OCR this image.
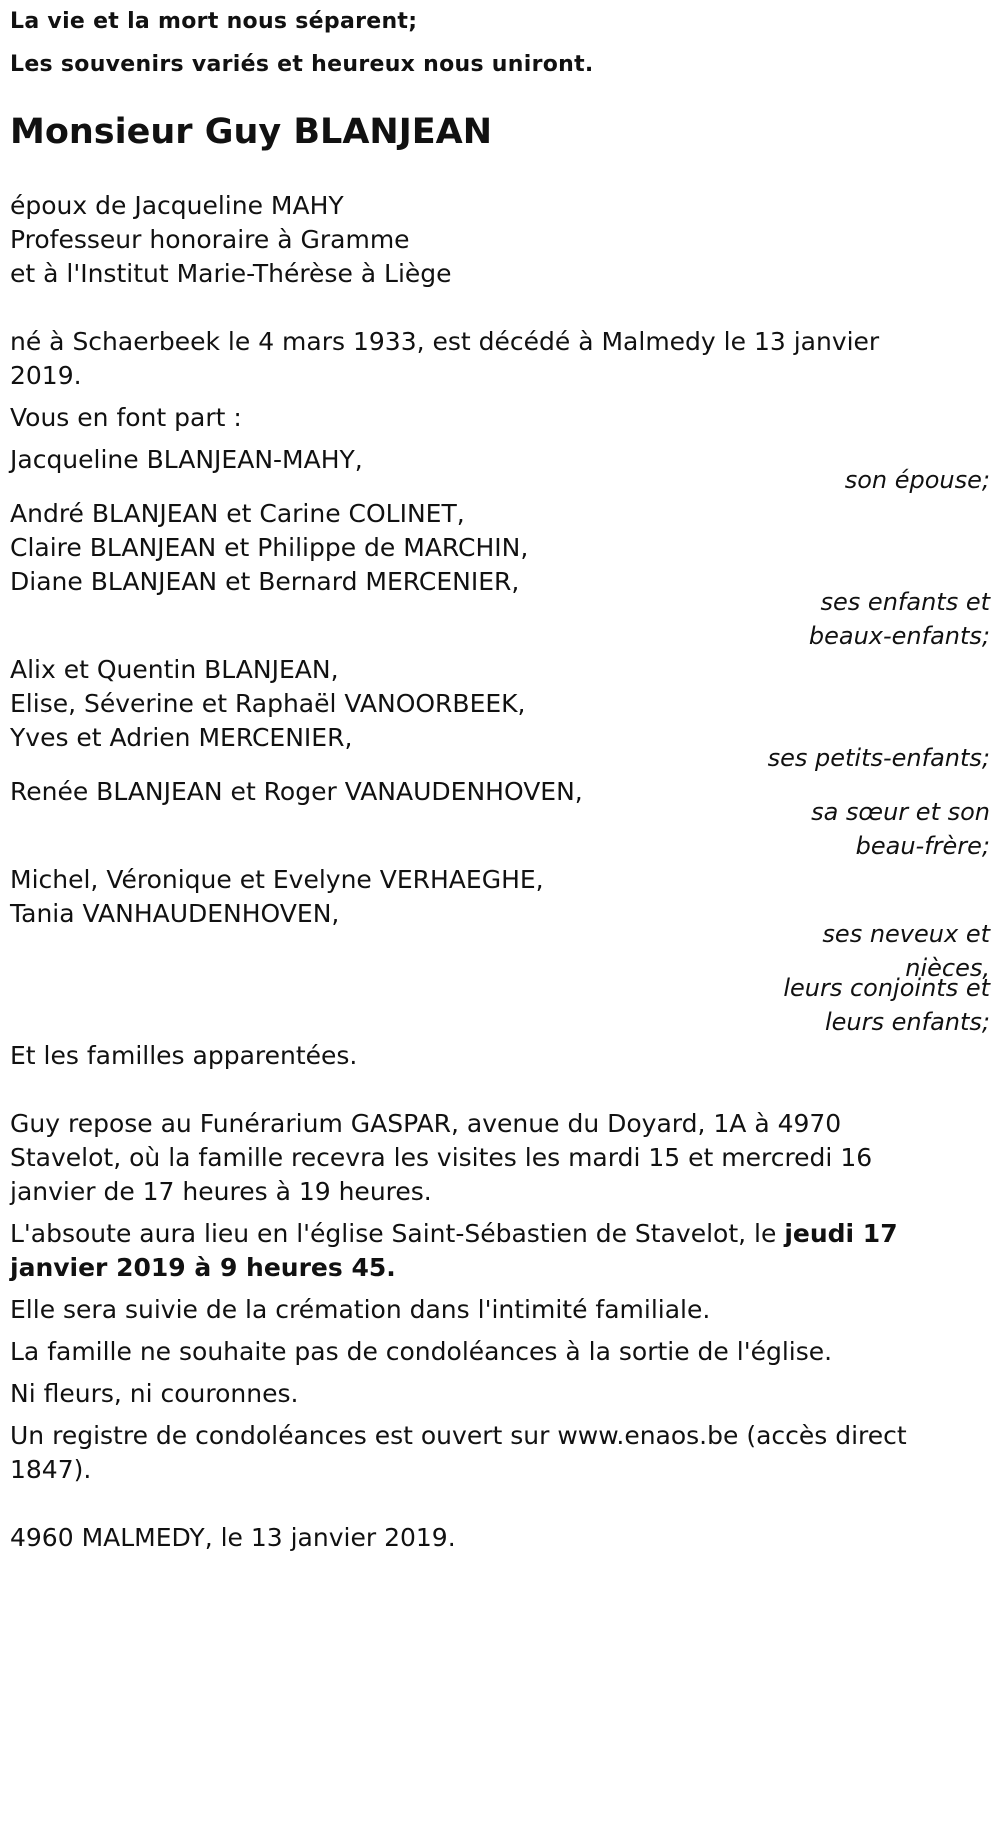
La vie et la mort nous séparent;
Les souvenirs variés et heureux nous uniront.
Monsieur Guy BLANJEAN
époux de Jacqueline MAHY
Professeur honoraire à Gramme
et à l'Institut Marie-Thérèse à Liège
né à Schaerbeek le 4 mars 1933, est décédé à Malmedy le 13 janvier
2019.
Vous en font part :
Jacqueline BLANJEAN-MAHY,
son épouse;
André BLANJEAN et Carine COLINET,
Claire BLANJEAN et Philippe de MARCHIN,
Diane BLANJEAN et Bernard MERCENIER,
ses enfants et
beaux-enfants;
Alix et Quentin BLANJEAN,
Elise, Séverine et Raphaël VANOORBEEK,
Yves et Adrien MERCENIER,
ses petits-enfants;
Renée BLANJEAN et Roger VANAUDENHOVEN,
sa sœur et son
beau-frère;
Michel, Véronique et Evelyne VERHAEGHE,
Tania VANHAUDENHOVEN,
ses neveux et
nièces,
leurs conjoints et
leurs enfants;
Et les familles apparentées.
Guy repose au Funérarium GASPAR, avenue du Doyard, 1A à 4970
Stavelot, où la famille recevra les visites les mardi 15 et mercredi 16
janvier de 17 heures à 19 heures.
L'absoute aura lieu en l'église Saint-Sébastien de Stavelot, le jeudi 17
janvier 2019 à 9 heures 45.
Elle sera suivie de la crémation dans l'intimité familiale.
La famille ne souhaite pas de condoléances à la sortie de l'église.
Ni fleurs, ni couronnes.
Un registre de condoléances est ouvert sur www.enaos.be (accès direct
1847).
4960 MALMEDY, le 13 janvier 2019.
